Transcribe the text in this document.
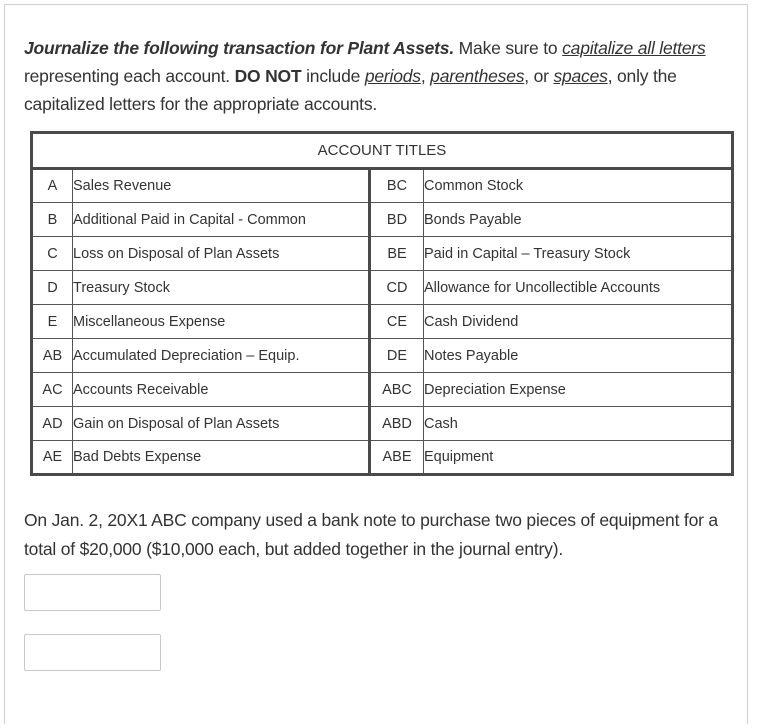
Journalize the following transaction for Plant Assets. Make sure to capitalize all letters representing each account. DO NOT include periods, parentheses, or spaces, only the capitalized letters for the appropriate accounts.
ACCOUNT TITLES			
A	Sales Revenue	BC	Common Stock
B	Additional Paid in Capital - Common	BD	Bonds Payable
C	Loss on Disposal of Plan Assets	BE	Paid in Capital – Treasury Stock
D	Treasury Stock	CD	Allowance for Uncollectible Accounts
E	Miscellaneous Expense	CE	Cash Dividend
AB	Accumulated Depreciation – Equip.	DE	Notes Payable
AC	Accounts Receivable	ABC	Depreciation Expense
AD	Gain on Disposal of Plan Assets	ABD	Cash
AE	Bad Debts Expense	ABE	Equipment
On Jan. 2, 20X1 ABC company used a bank note to purchase two pieces of equipment for a total of $20,000 ($10,000 each, but added together in the journal entry).
